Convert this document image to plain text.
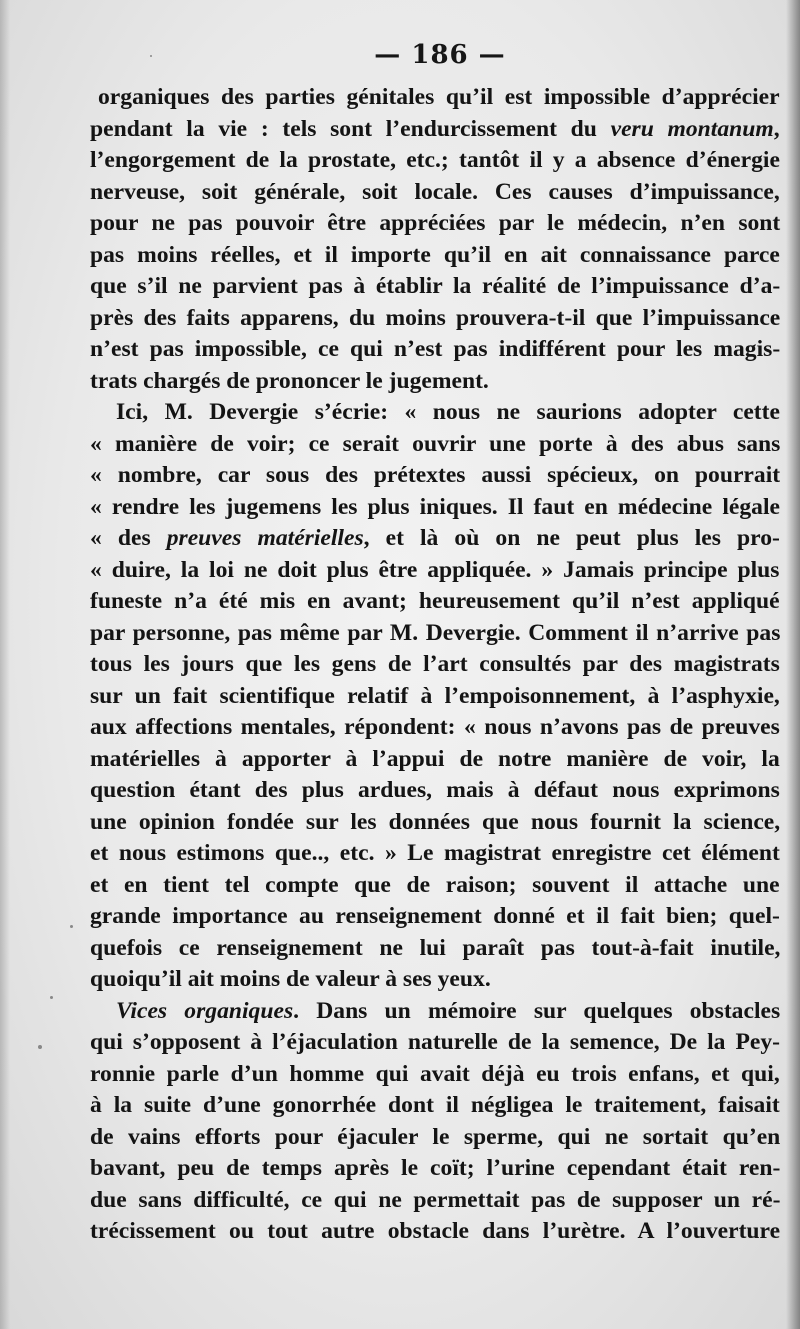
— 186 —
organiques des parties génitales qu’il est impossible d’apprécier
pendant la vie : tels sont l’endurcissement du veru montanum,
l’engorgement de la prostate, etc.; tantôt il y a absence d’énergie
nerveuse, soit générale, soit locale. Ces causes d’impuissance,
pour ne pas pouvoir être appréciées par le médecin, n’en sont
pas moins réelles, et il importe qu’il en ait connaissance parce
que s’il ne parvient pas à établir la réalité de l’impuissance d’a-
près des faits apparens, du moins prouvera-t-il que l’impuissance
n’est pas impossible, ce qui n’est pas indifférent pour les magis-
trats chargés de prononcer le jugement.
Ici, M. Devergie s’écrie: « nous ne saurions adopter cette
« manière de voir; ce serait ouvrir une porte à des abus sans
« nombre, car sous des prétextes aussi spécieux, on pourrait
« rendre les jugemens les plus iniques. Il faut en médecine légale
« des preuves matérielles, et là où on ne peut plus les pro-
« duire, la loi ne doit plus être appliquée. » Jamais principe plus
funeste n’a été mis en avant; heureusement qu’il n’est appliqué
par personne, pas même par M. Devergie. Comment il n’arrive pas
tous les jours que les gens de l’art consultés par des magistrats
sur un fait scientifique relatif à l’empoisonnement, à l’asphyxie,
aux affections mentales, répondent: « nous n’avons pas de preuves
matérielles à apporter à l’appui de notre manière de voir, la
question étant des plus ardues, mais à défaut nous exprimons
une opinion fondée sur les données que nous fournit la science,
et nous estimons que.., etc. » Le magistrat enregistre cet élément
et en tient tel compte que de raison; souvent il attache une
grande importance au renseignement donné et il fait bien; quel-
quefois ce renseignement ne lui paraît pas tout-à-fait inutile,
quoiqu’il ait moins de valeur à ses yeux.
Vices organiques. Dans un mémoire sur quelques obstacles
qui s’opposent à l’éjaculation naturelle de la semence, De la Pey-
ronnie parle d’un homme qui avait déjà eu trois enfans, et qui,
à la suite d’une gonorrhée dont il négligea le traitement, faisait
de vains efforts pour éjaculer le sperme, qui ne sortait qu’en
bavant, peu de temps après le coït; l’urine cependant était ren-
due sans difficulté, ce qui ne permettait pas de supposer un ré-
trécissement ou tout autre obstacle dans l’urètre. A l’ouverture
